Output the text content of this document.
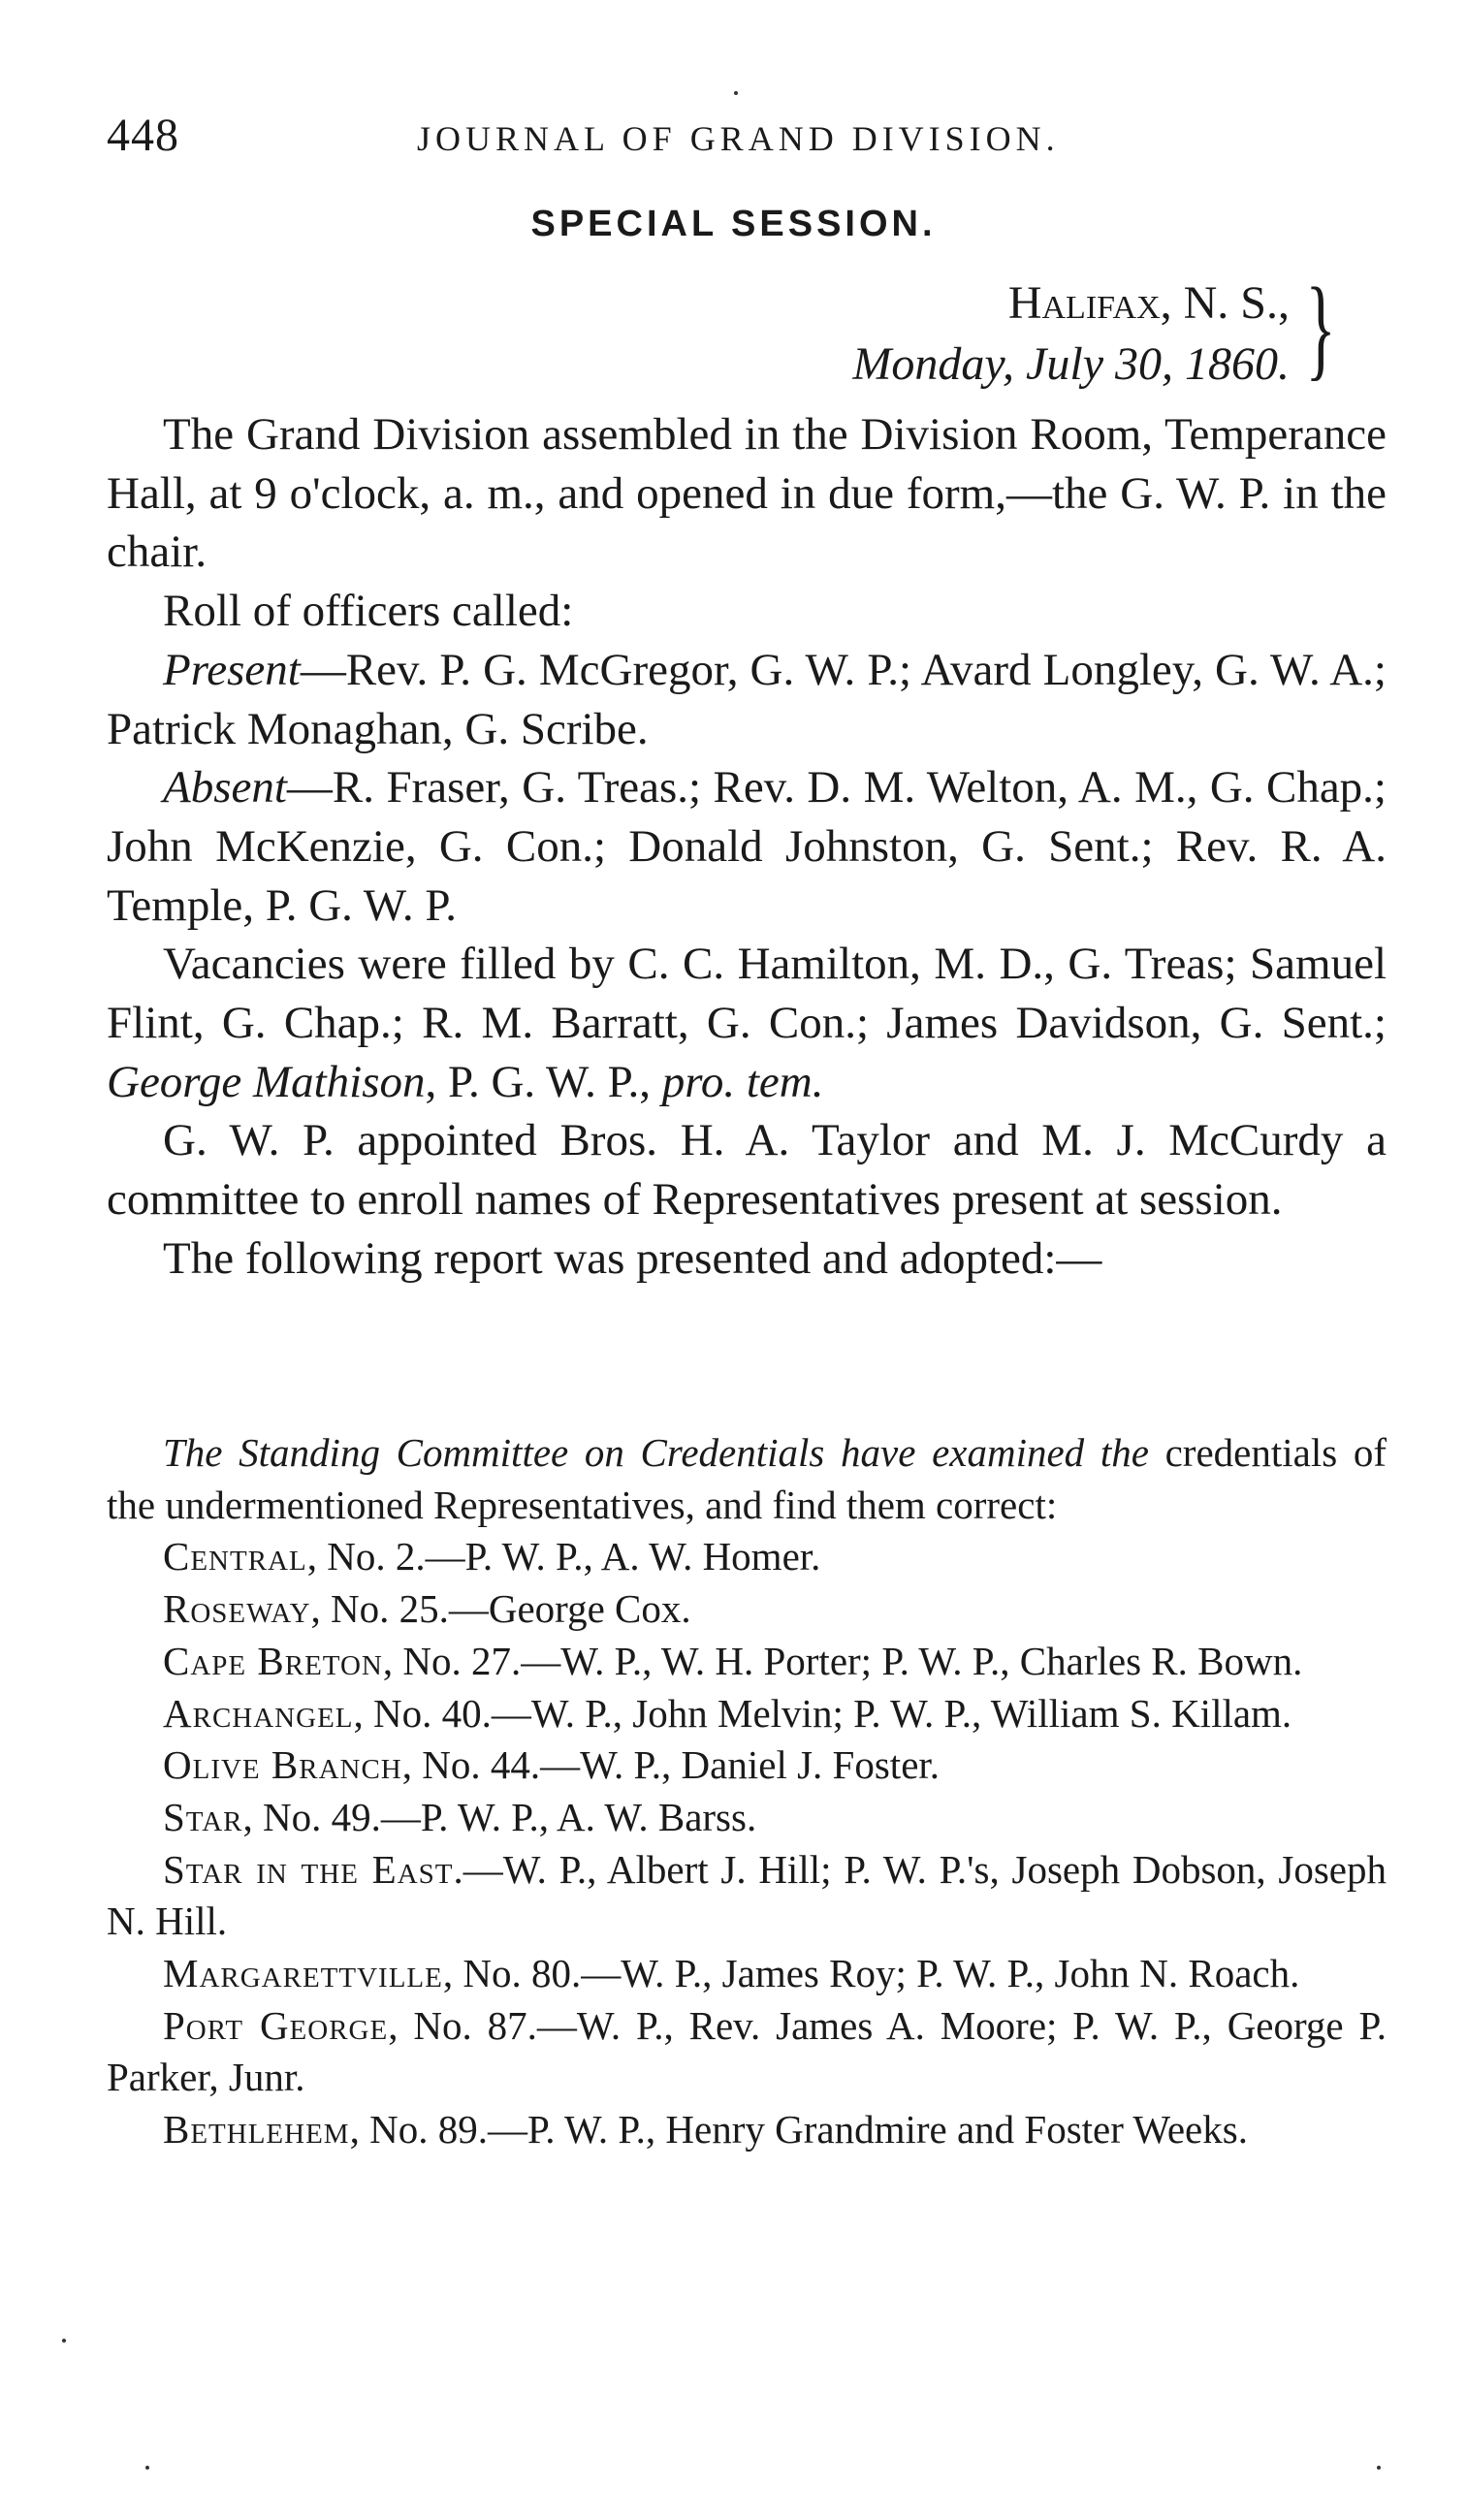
448	JOURNAL OF GRAND DIVISION.
SPECIAL SESSION.
Halifax, N. S.,
Monday, July 30, 1860. }

The Grand Division assembled in the Division Room, Temperance Hall, at 9 o'clock, a. m., and opened in due form,—the G. W. P. in the chair.

Roll of officers called:

Present—Rev. P. G. McGregor, G. W. P.; Avard Longley, G. W. A.; Patrick Monaghan, G. Scribe.

Absent—R. Fraser, G. Treas.; Rev. D. M. Welton, A. M., G. Chap.; John McKenzie, G. Con.; Donald Johnston, G. Sent.; Rev. R. A. Temple, P. G. W. P.

Vacancies were filled by C. C. Hamilton, M. D., G. Treas; Samuel Flint, G. Chap.; R. M. Barratt, G. Con.; James Davidson, G. Sent.; George Mathison, P. G. W. P., pro. tem.

G. W. P. appointed Bros. H. A. Taylor and M. J. McCurdy a committee to enroll names of Representatives present at session.

The following report was presented and adopted:—

The Standing Committee on Credentials have examined the credentials of the undermentioned Representatives, and find them correct:

Central, No. 2.—P. W. P., A. W. Homer.

Roseway, No. 25.—George Cox.

Cape Breton, No. 27.—W. P., W. H. Porter; P. W. P., Charles R. Bown.

Archangel, No. 40.—W. P., John Melvin; P. W. P., William S. Killam.

Olive Branch, No. 44.—W. P., Daniel J. Foster.

Star, No. 49.—P. W. P., A. W. Barss.

Star in the East.—W. P., Albert J. Hill; P. W. P.'s, Joseph Dobson, Joseph N. Hill.

Margarettville, No. 80.—W. P., James Roy; P. W. P., John N. Roach.

Port George, No. 87.—W. P., Rev. James A. Moore; P. W. P., George P. Parker, Junr.

Bethlehem, No. 89.—P. W. P., Henry Grandmire and Foster Weeks.
